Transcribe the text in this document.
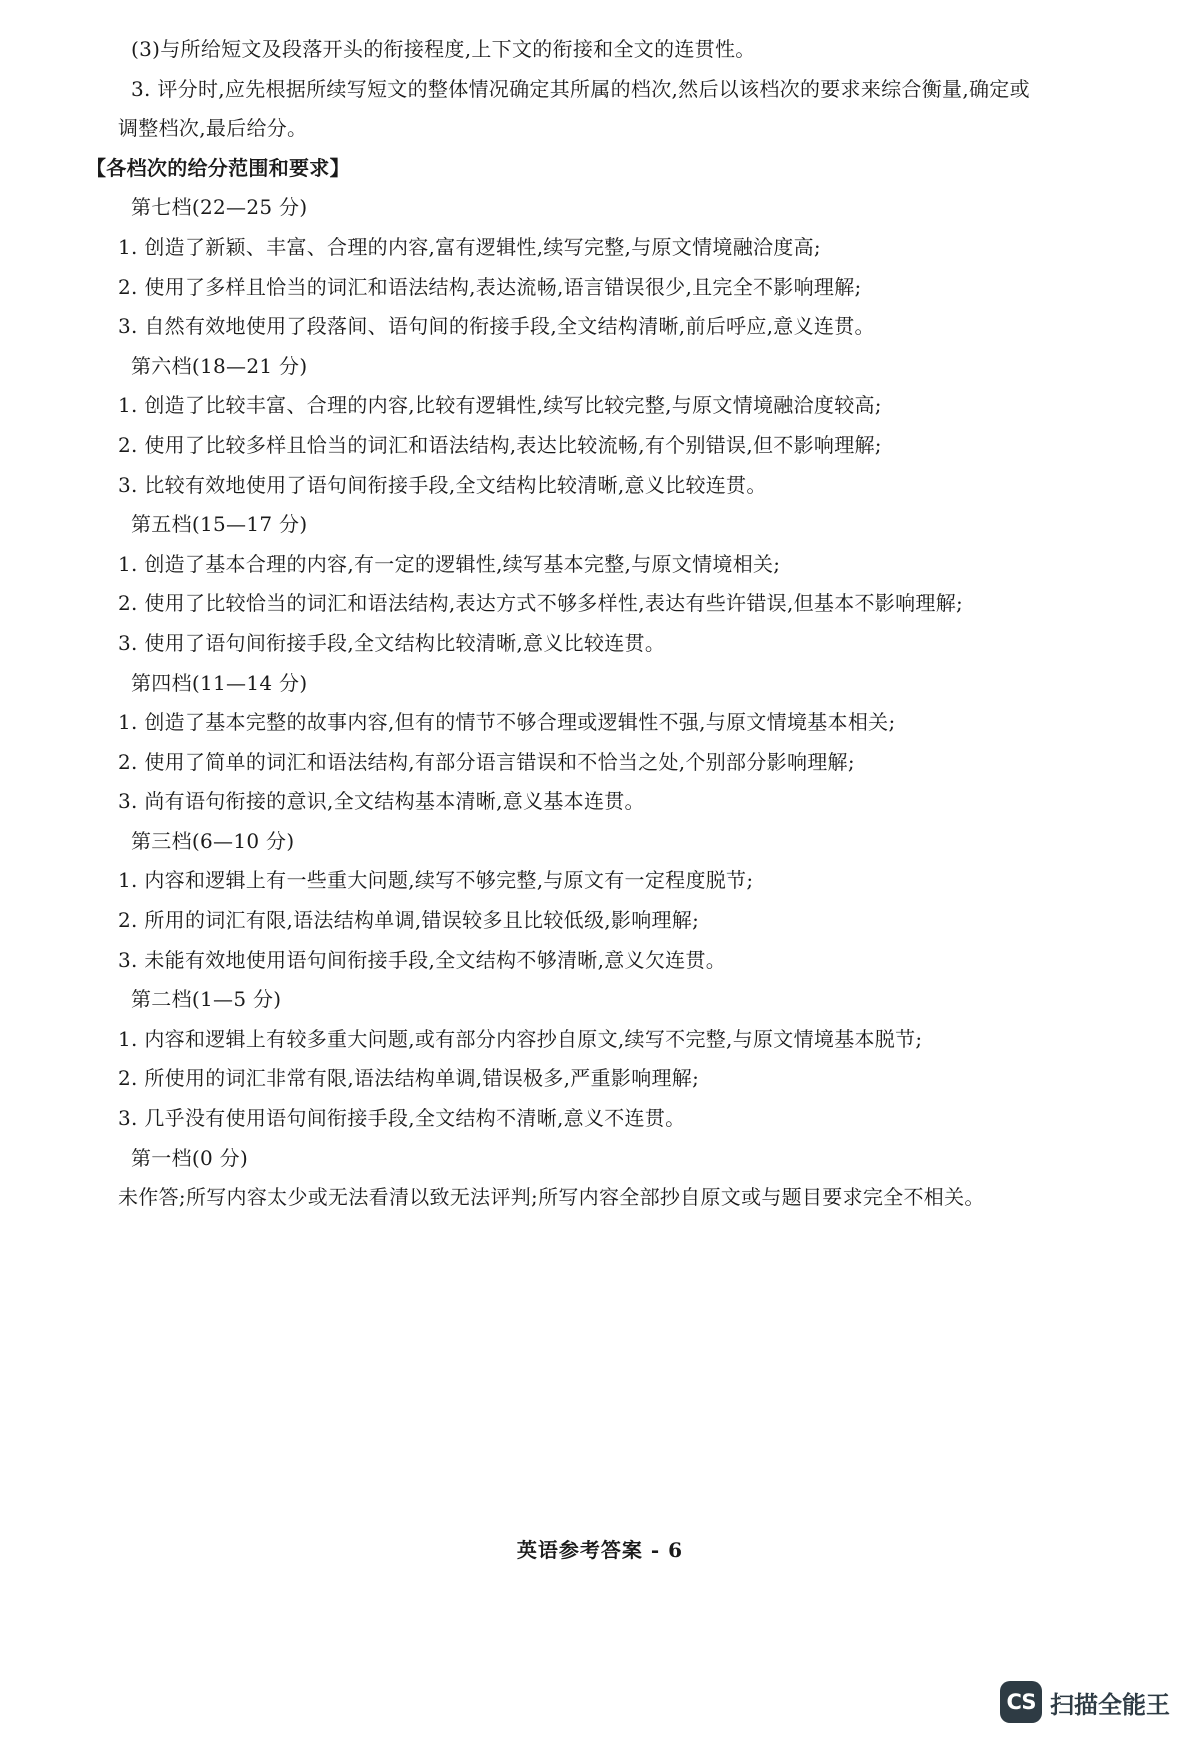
(3)与所给短文及段落开头的衔接程度,上下文的衔接和全文的连贯性。
3. 评分时,应先根据所续写短文的整体情况确定其所属的档次,然后以该档次的要求来综合衡量,确定或
调整档次,最后给分。
【各档次的给分范围和要求】
第七档(22—25 分)
1. 创造了新颖、丰富、合理的内容,富有逻辑性,续写完整,与原文情境融洽度高;
2. 使用了多样且恰当的词汇和语法结构,表达流畅,语言错误很少,且完全不影响理解;
3. 自然有效地使用了段落间、语句间的衔接手段,全文结构清晰,前后呼应,意义连贯。
第六档(18—21 分)
1. 创造了比较丰富、合理的内容,比较有逻辑性,续写比较完整,与原文情境融洽度较高;
2. 使用了比较多样且恰当的词汇和语法结构,表达比较流畅,有个别错误,但不影响理解;
3. 比较有效地使用了语句间衔接手段,全文结构比较清晰,意义比较连贯。
第五档(15—17 分)
1. 创造了基本合理的内容,有一定的逻辑性,续写基本完整,与原文情境相关;
2. 使用了比较恰当的词汇和语法结构,表达方式不够多样性,表达有些许错误,但基本不影响理解;
3. 使用了语句间衔接手段,全文结构比较清晰,意义比较连贯。
第四档(11—14 分)
1. 创造了基本完整的故事内容,但有的情节不够合理或逻辑性不强,与原文情境基本相关;
2. 使用了简单的词汇和语法结构,有部分语言错误和不恰当之处,个别部分影响理解;
3. 尚有语句衔接的意识,全文结构基本清晰,意义基本连贯。
第三档(6—10 分)
1. 内容和逻辑上有一些重大问题,续写不够完整,与原文有一定程度脱节;
2. 所用的词汇有限,语法结构单调,错误较多且比较低级,影响理解;
3. 未能有效地使用语句间衔接手段,全文结构不够清晰,意义欠连贯。
第二档(1—5 分)
1. 内容和逻辑上有较多重大问题,或有部分内容抄自原文,续写不完整,与原文情境基本脱节;
2. 所使用的词汇非常有限,语法结构单调,错误极多,严重影响理解;
3. 几乎没有使用语句间衔接手段,全文结构不清晰,意义不连贯。
第一档(0 分)
未作答;所写内容太少或无法看清以致无法评判;所写内容全部抄自原文或与题目要求完全不相关。
英语参考答案 - 6
CS 扫描全能王
